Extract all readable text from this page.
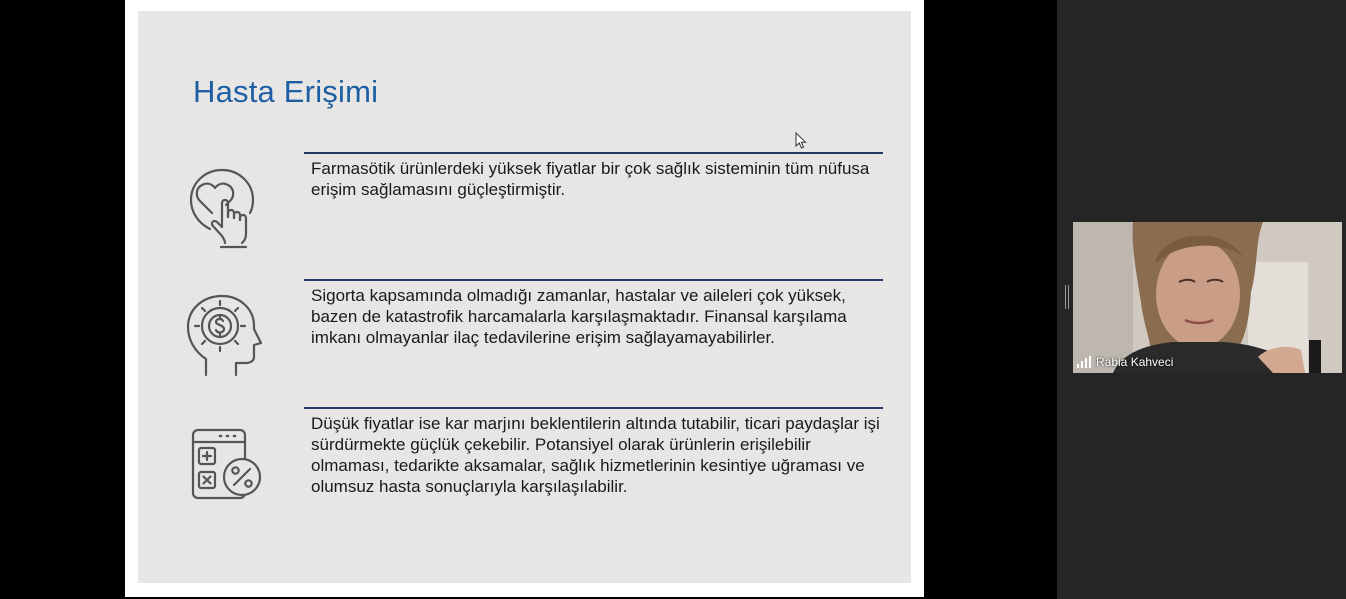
Hasta Erişimi
Farmasötik ürünlerdeki yüksek fiyatlar bir çok sağlık sisteminin tüm nüfusa erişim sağlamasını güçleştirmiştir.
Sigorta kapsamında olmadığı zamanlar, hastalar ve aileleri çok yüksek, bazen de katastrofik harcamalarla karşılaşmaktadır. Finansal karşılama imkanı olmayanlar ilaç tedavilerine erişim sağlayamayabilirler.
Düşük fiyatlar ise kar marjını beklentilerin altında tutabilir, ticari paydaşlar işi sürdürmekte güçlük çekebilir. Potansiyel olarak ürünlerin erişilebilir olmaması, tedarikte aksamalar, sağlık hizmetlerinin kesintiye uğraması ve olumsuz hasta sonuçlarıyla karşılaşılabilir.
Rabia Kahveci
